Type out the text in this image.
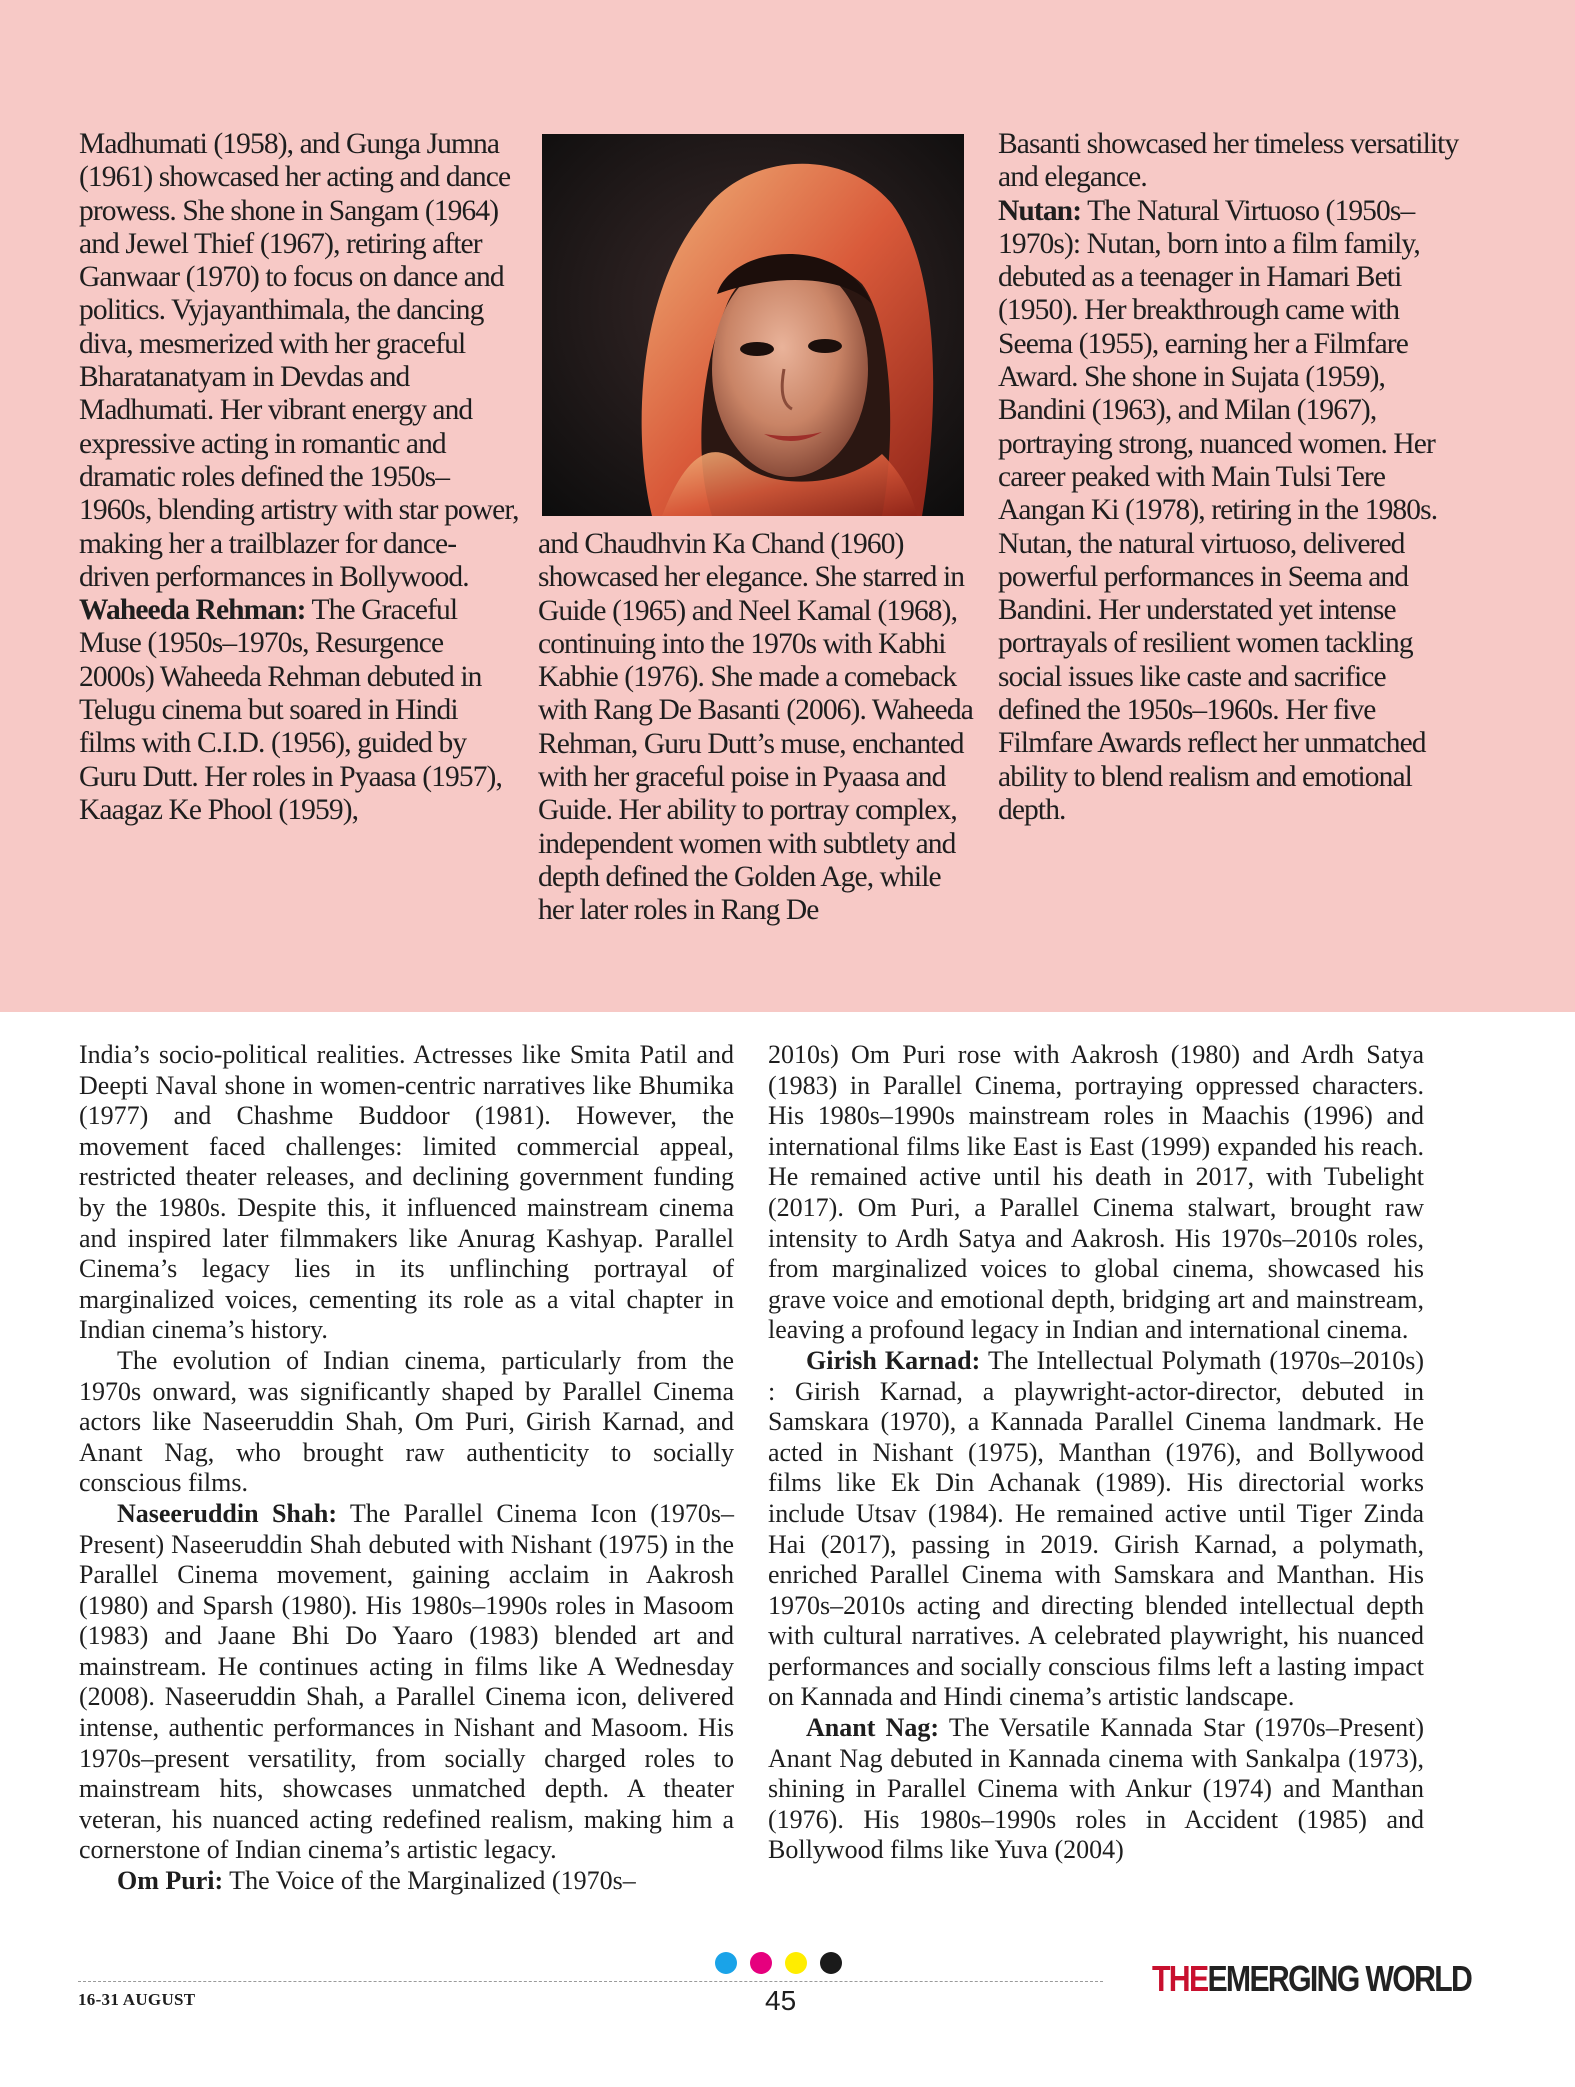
Madhumati (1958), and Gunga Jumna (1961) showcased her acting and dance prowess. She shone in Sangam (1964) and Jewel Thief (1967), retiring after Ganwaar (1970) to focus on dance and politics. Vyjayanthimala, the dancing diva, mesmerized with her graceful Bharatanatyam in Devdas and Madhumati. Her vibrant energy and expressive acting in romantic and dramatic roles defined the 1950s–1960s, blending artistry with star power, making her a trailblazer for dance-driven performances in Bollywood.

Waheeda Rehman: The Graceful Muse (1950s–1970s, Resurgence 2000s) Waheeda Rehman debuted in Telugu cinema but soared in Hindi films with C.I.D. (1956), guided by Guru Dutt. Her roles in Pyaasa (1957), Kaagaz Ke Phool (1959),

and Chaudhvin Ka Chand (1960) showcased her elegance. She starred in Guide (1965) and Neel Kamal (1968), continuing into the 1970s with Kabhi Kabhie (1976). She made a comeback with Rang De Basanti (2006). Waheeda Rehman, Guru Dutt’s muse, enchanted with her graceful poise in Pyaasa and Guide. Her ability to portray complex, independent women with subtlety and depth defined the Golden Age, while her later roles in Rang De

Basanti showcased her timeless versatility and elegance.

Nutan: The Natural Virtuoso (1950s–1970s): Nutan, born into a film family, debuted as a teenager in Hamari Beti (1950). Her breakthrough came with Seema (1955), earning her a Filmfare Award. She shone in Sujata (1959), Bandini (1963), and Milan (1967), portraying strong, nuanced women. Her career peaked with Main Tulsi Tere Aangan Ki (1978), retiring in the 1980s. Nutan, the natural virtuoso, delivered powerful performances in Seema and Bandini. Her understated yet intense portrayals of resilient women tackling social issues like caste and sacrifice defined the 1950s–1960s. Her five Filmfare Awards reflect her unmatched ability to blend realism and emotional depth.

India’s socio-political realities. Actresses like Smita Patil and Deepti Naval shone in women-centric narratives like Bhumika (1977) and Chashme Buddoor (1981). However, the movement faced challenges: limited commercial appeal, restricted theater releases, and declining government funding by the 1980s. Despite this, it influenced mainstream cinema and inspired later filmmakers like Anurag Kashyap. Parallel Cinema’s legacy lies in its unflinching portrayal of marginalized voices, cementing its role as a vital chapter in Indian cinema’s history.

The evolution of Indian cinema, particularly from the 1970s onward, was significantly shaped by Parallel Cinema actors like Naseeruddin Shah, Om Puri, Girish Karnad, and Anant Nag, who brought raw authenticity to socially conscious films.

Naseeruddin Shah: The Parallel Cinema Icon (1970s–Present) Naseeruddin Shah debuted with Nishant (1975) in the Parallel Cinema movement, gaining acclaim in Aakrosh (1980) and Sparsh (1980). His 1980s–1990s roles in Masoom (1983) and Jaane Bhi Do Yaaro (1983) blended art and mainstream. He continues acting in films like A Wednesday (2008). Naseeruddin Shah, a Parallel Cinema icon, delivered intense, authentic performances in Nishant and Masoom. His 1970s–present versatility, from socially charged roles to mainstream hits, showcases unmatched depth. A theater veteran, his nuanced acting redefined realism, making him a cornerstone of Indian cinema’s artistic legacy.

Om Puri: The Voice of the Marginalized (1970s–

2010s) Om Puri rose with Aakrosh (1980) and Ardh Satya (1983) in Parallel Cinema, portraying oppressed characters. His 1980s–1990s mainstream roles in Maachis (1996) and international films like East is East (1999) expanded his reach. He remained active until his death in 2017, with Tubelight (2017). Om Puri, a Parallel Cinema stalwart, brought raw intensity to Ardh Satya and Aakrosh. His 1970s–2010s roles, from marginalized voices to global cinema, showcased his grave voice and emotional depth, bridging art and mainstream, leaving a profound legacy in Indian and international cinema.

Girish Karnad: The Intellectual Polymath (1970s–2010s) : Girish Karnad, a playwright-actor-director, debuted in Samskara (1970), a Kannada Parallel Cinema landmark. He acted in Nishant (1975), Manthan (1976), and Bollywood films like Ek Din Achanak (1989). His directorial works include Utsav (1984). He remained active until Tiger Zinda Hai (2017), passing in 2019. Girish Karnad, a polymath, enriched Parallel Cinema with Samskara and Manthan. His 1970s–2010s acting and directing blended intellectual depth with cultural narratives. A celebrated playwright, his nuanced performances and socially conscious films left a lasting impact on Kannada and Hindi cinema’s artistic landscape.

Anant Nag: The Versatile Kannada Star (1970s–Present) Anant Nag debuted in Kannada cinema with Sankalpa (1973), shining in Parallel Cinema with Ankur (1974) and Manthan (1976). His 1980s–1990s roles in Accident (1985) and Bollywood films like Yuva (2004)

16-31 AUGUST	45
THEEMERGING WORLD
